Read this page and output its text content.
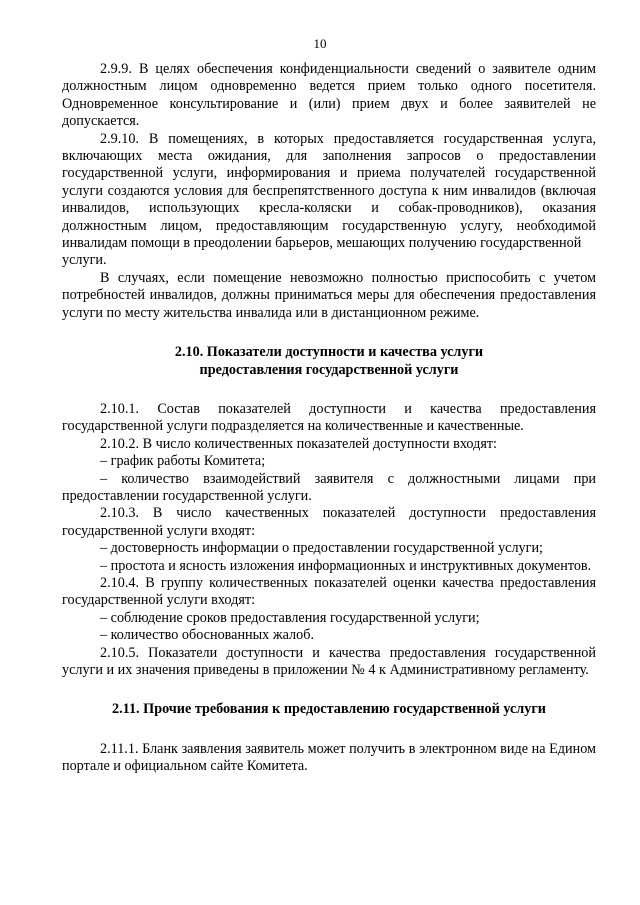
10

2.9.9. В целях обеспечения конфиденциальности сведений о заявителе одним должностным лицом одновременно ведется прием только одного посетителя. Одновременное консультирование и (или) прием двух и более заявителей не допускается.

2.9.10. В помещениях, в которых предоставляется государственная услуга, включающих места ожидания, для заполнения запросов о предоставлении государственной услуги, информирования и приема получателей государственной услуги создаются условия для беспрепятственного доступа к ним инвалидов (включая инвалидов, использующих кресла-коляски и собак-проводников), оказания должностным лицом, предоставляющим государственную услугу, необходимой инвалидам помощи в преодолении барьеров, мешающих получению государственной

услуги.

В случаях, если помещение невозможно полностью приспособить с учетом потребностей инвалидов, должны приниматься меры для обеспечения предоставления услуги по месту жительства инвалида или в дистанционном режиме.

2.10. Показатели доступности и качества услуги
предоставления государственной услуги

2.10.1. Состав показателей доступности и качества предоставления государственной услуги подразделяется на количественные и качественные.

2.10.2. В число количественных показателей доступности входят:

– график работы Комитета;

– количество взаимодействий заявителя с должностными лицами при предоставлении государственной услуги.

2.10.3. В число качественных показателей доступности предоставления государственной услуги входят:

– достоверность информации о предоставлении государственной услуги;

– простота и ясность изложения информационных и инструктивных документов.

2.10.4. В группу количественных показателей оценки качества предоставления государственной услуги входят:

– соблюдение сроков предоставления государственной услуги;

– количество обоснованных жалоб.

2.10.5. Показатели доступности и качества предоставления государственной услуги и их значения приведены в приложении № 4 к Административному регламенту.

2.11. Прочие требования к предоставлению государственной услуги

2.11.1. Бланк заявления заявитель может получить в электронном виде на Едином портале и официальном сайте Комитета.
